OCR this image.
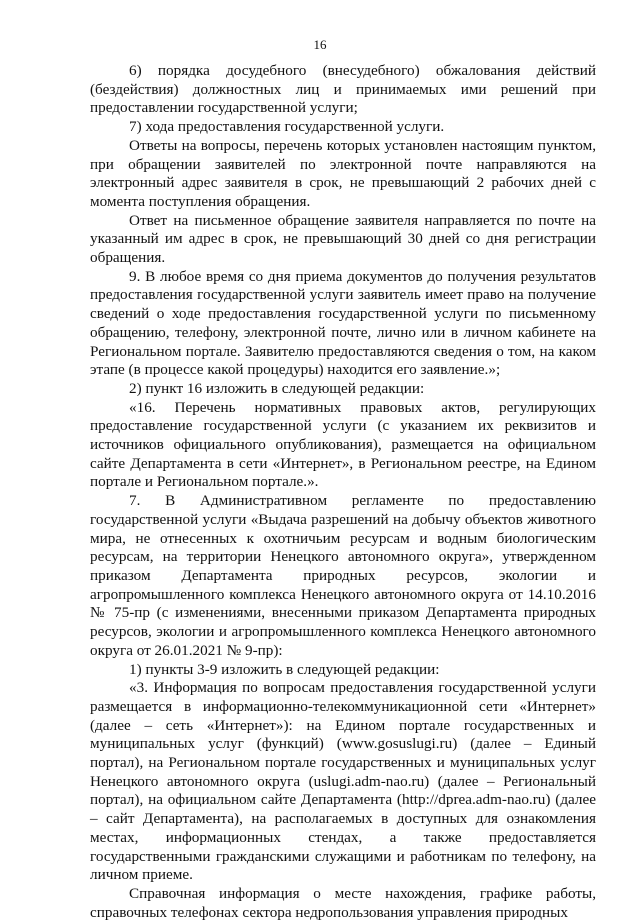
16

6) порядка досудебного (внесудебного) обжалования действий (бездействия) должностных лиц и принимаемых ими решений при предоставлении государственной услуги;

7) хода предоставления государственной услуги.

Ответы на вопросы, перечень которых установлен настоящим пунктом, при обращении заявителей по электронной почте направляются на электронный адрес заявителя в срок, не превышающий 2 рабочих дней с момента поступления обращения.

Ответ на письменное обращение заявителя направляется по почте на указанный им адрес в срок, не превышающий 30 дней со дня регистрации обращения.

9. В любое время со дня приема документов до получения результатов предоставления государственной услуги заявитель имеет право на получение сведений о ходе предоставления государственной услуги по письменному обращению, телефону, электронной почте, лично или в личном кабинете на Региональном портале. Заявителю предоставляются сведения о том, на каком этапе (в процессе какой процедуры) находится его заявление.»;

2) пункт 16 изложить в следующей редакции:

«16. Перечень нормативных правовых актов, регулирующих предоставление государственной услуги (с указанием их реквизитов и источников официального опубликования), размещается на официальном сайте Департамента в сети «Интернет», в Региональном реестре, на Едином портале и Региональном портале.».

7. В Административном регламенте по предоставлению государственной услуги «Выдача разрешений на добычу объектов животного мира, не отнесенных к охотничьим ресурсам и водным биологическим ресурсам, на территории Ненецкого автономного округа», утвержденном приказом Департамента природных ресурсов, экологии и агропромышленного комплекса Ненецкого автономного округа от 14.10.2016 № 75-пр (с изменениями, внесенными приказом Департамента природных ресурсов, экологии и агропромышленного комплекса Ненецкого автономного округа от 26.01.2021 № 9-пр):

1) пункты 3-9 изложить в следующей редакции:

«3. Информация по вопросам предоставления государственной услуги размещается в информационно-телекоммуникационной сети «Интернет» (далее – сеть «Интернет»): на Едином портале государственных и муниципальных услуг (функций) (www.gosuslugi.ru) (далее – Единый портал), на Региональном портале государственных и муниципальных услуг Ненецкого автономного округа (uslugi.adm-nao.ru) (далее – Региональный портал), на официальном сайте Департамента (http://dprea.adm-nao.ru) (далее – сайт Департамента), на располагаемых в доступных для ознакомления местах, информационных стендах, а также предоставляется государственными гражданскими служащими и работникам по телефону, на личном приеме.

Справочная информация о месте нахождения, графике работы, справочных телефонах сектора недропользования управления природных
